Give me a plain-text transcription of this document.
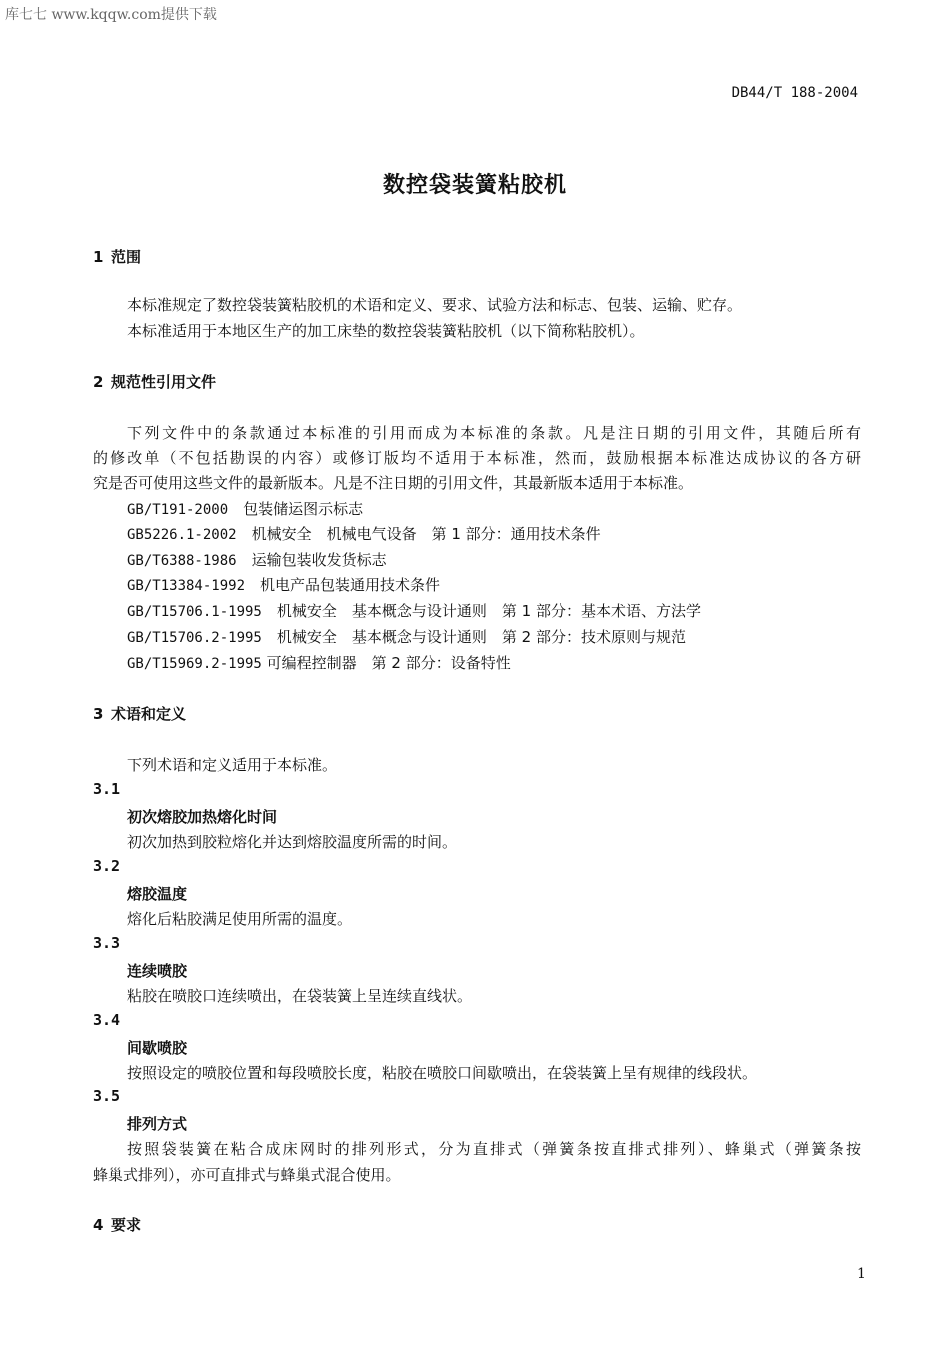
库七七 www.kqqw.com提供下载
DB44/T 188-2004
数控袋装簧粘胶机
1 范围
本标准规定了数控袋装簧粘胶机的术语和定义、要求、试验方法和标志、包装、运输、贮存。
本标准适用于本地区生产的加工床垫的数控袋装簧粘胶机（以下简称粘胶机）。
2 规范性引用文件
下列文件中的条款通过本标准的引用而成为本标准的条款。凡是注日期的引用文件，其随后所有
的修改单（不包括勘误的内容）或修订版均不适用于本标准，然而，鼓励根据本标准达成协议的各方研
究是否可使用这些文件的最新版本。凡是不注日期的引用文件，其最新版本适用于本标准。
GB/T191-2000　 包装储运图示标志
GB5226.1-2002　 机械安全　机械电气设备　第 1 部分：通用技术条件
GB/T6388-1986　 运输包装收发货标志
GB/T13384-1992　 机电产品包装通用技术条件
GB/T15706.1-1995　 机械安全　基本概念与设计通则　第 1 部分：基本术语、方法学
GB/T15706.2-1995　 机械安全　基本概念与设计通则　第 2 部分：技术原则与规范
GB/T15969.2-1995 可编程控制器　第 2 部分：设备特性
3 术语和定义
下列术语和定义适用于本标准。
3.1
初次熔胶加热熔化时间
初次加热到胶粒熔化并达到熔胶温度所需的时间。
3.2
熔胶温度
熔化后粘胶满足使用所需的温度。
3.3
连续喷胶
粘胶在喷胶口连续喷出，在袋装簧上呈连续直线状。
3.4
间歇喷胶
按照设定的喷胶位置和每段喷胶长度，粘胶在喷胶口间歇喷出，在袋装簧上呈有规律的线段状。
3.5
排列方式
按照袋装簧在粘合成床网时的排列形式，分为直排式（弹簧条按直排式排列）、蜂巢式（弹簧条按
蜂巢式排列），亦可直排式与蜂巢式混合使用。
4 要求
1
